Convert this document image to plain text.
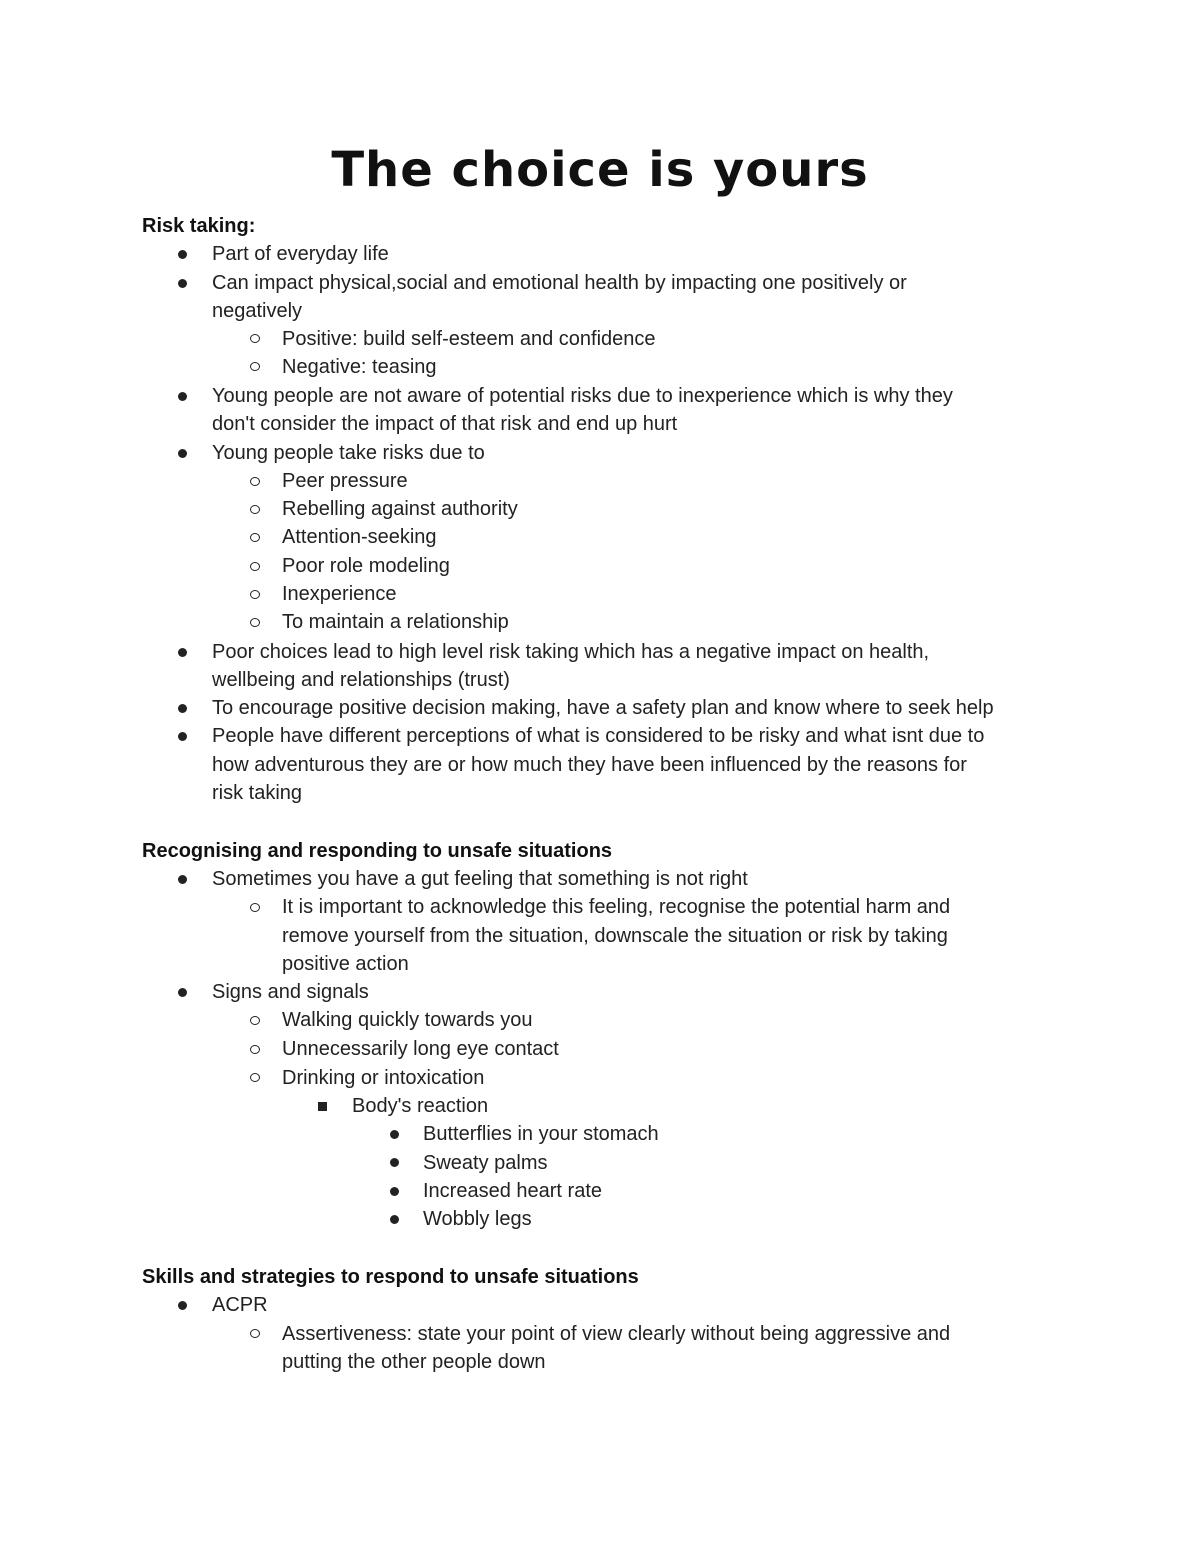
The choice is yours
Risk taking:
Part of everyday life
Can impact physical,social and emotional health by impacting one positively or
negatively
Positive: build self-esteem and confidence
Negative: teasing
Young people are not aware of potential risks due to inexperience which is why they
don't consider the impact of that risk and end up hurt
Young people take risks due to
Peer pressure
Rebelling against authority
Attention-seeking
Poor role modeling
Inexperience
To maintain a relationship
Poor choices lead to high level risk taking which has a negative impact on health,
wellbeing and relationships (trust)
To encourage positive decision making, have a safety plan and know where to seek help
People have different perceptions of what is considered to be risky and what isnt due to
how adventurous they are or how much they have been influenced by the reasons for
risk taking
Recognising and responding to unsafe situations
Sometimes you have a gut feeling that something is not right
It is important to acknowledge this feeling, recognise the potential harm and
remove yourself from the situation, downscale the situation or risk by taking
positive action
Signs and signals
Walking quickly towards you
Unnecessarily long eye contact
Drinking or intoxication
Body's reaction
Butterflies in your stomach
Sweaty palms
Increased heart rate
Wobbly legs
Skills and strategies to respond to unsafe situations
ACPR
Assertiveness: state your point of view clearly without being aggressive and
putting the other people down
